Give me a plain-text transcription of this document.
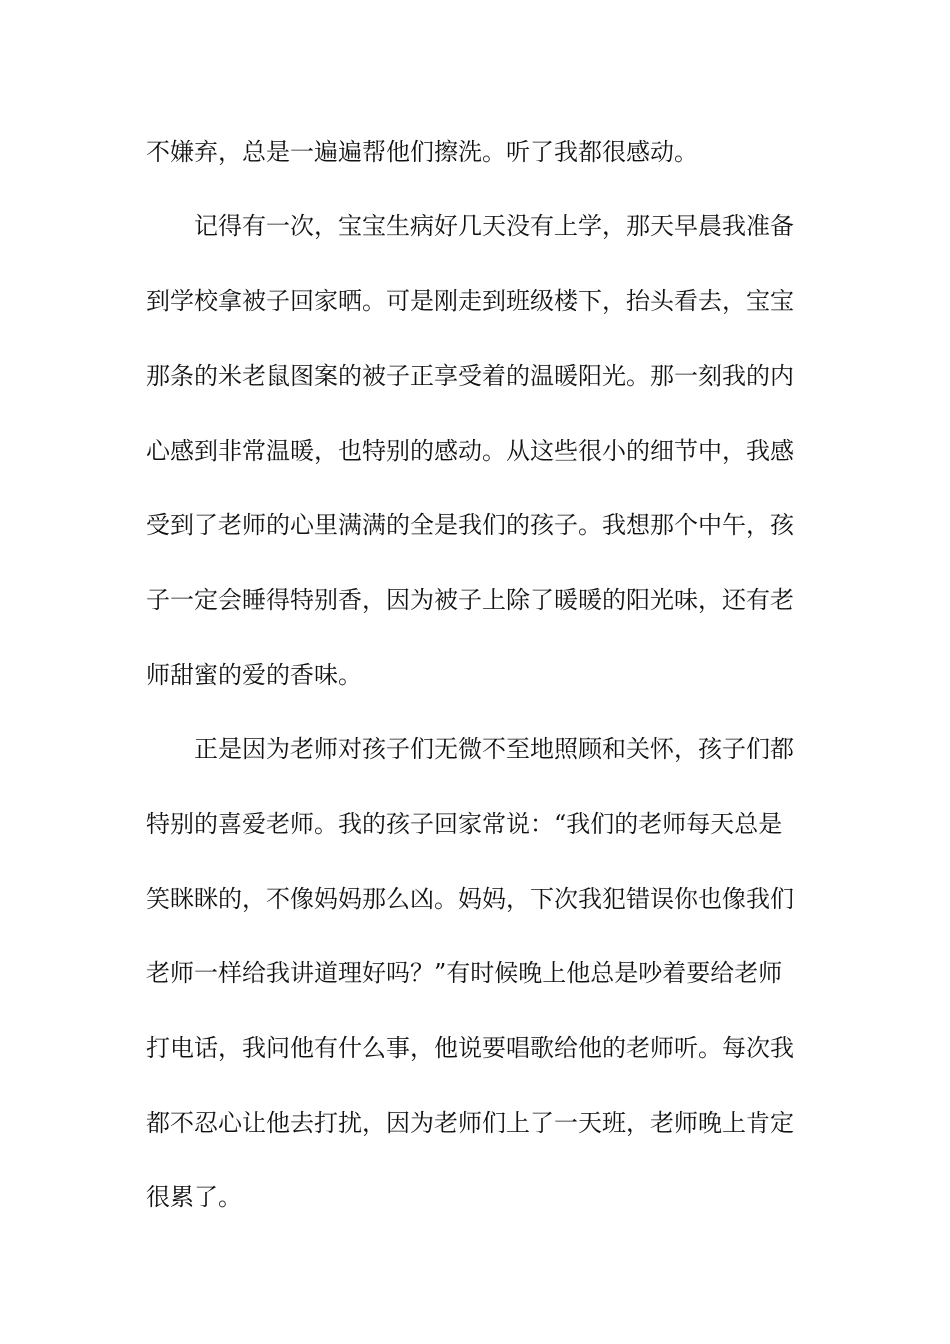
不嫌弃，总是一遍遍帮他们擦洗。听了我都很感动。
记得有一次，宝宝生病好几天没有上学，那天早晨我准备
到学校拿被子回家晒。可是刚走到班级楼下，抬头看去，宝宝
那条的米老鼠图案的被子正享受着的温暖阳光。那一刻我的内
心感到非常温暖，也特别的感动。从这些很小的细节中，我感
受到了老师的心里满满的全是我们的孩子。我想那个中午，孩
子一定会睡得特别香，因为被子上除了暖暖的阳光味，还有老
师甜蜜的爱的香味。
正是因为老师对孩子们无微不至地照顾和关怀，孩子们都
特别的喜爱老师。我的孩子回家常说：“我们的老师每天总是
笑眯眯的，不像妈妈那么凶。妈妈，下次我犯错误你也像我们
老师一样给我讲道理好吗？”有时候晚上他总是吵着要给老师
打电话，我问他有什么事，他说要唱歌给他的老师听。每次我
都不忍心让他去打扰，因为老师们上了一天班，老师晚上肯定
很累了。
